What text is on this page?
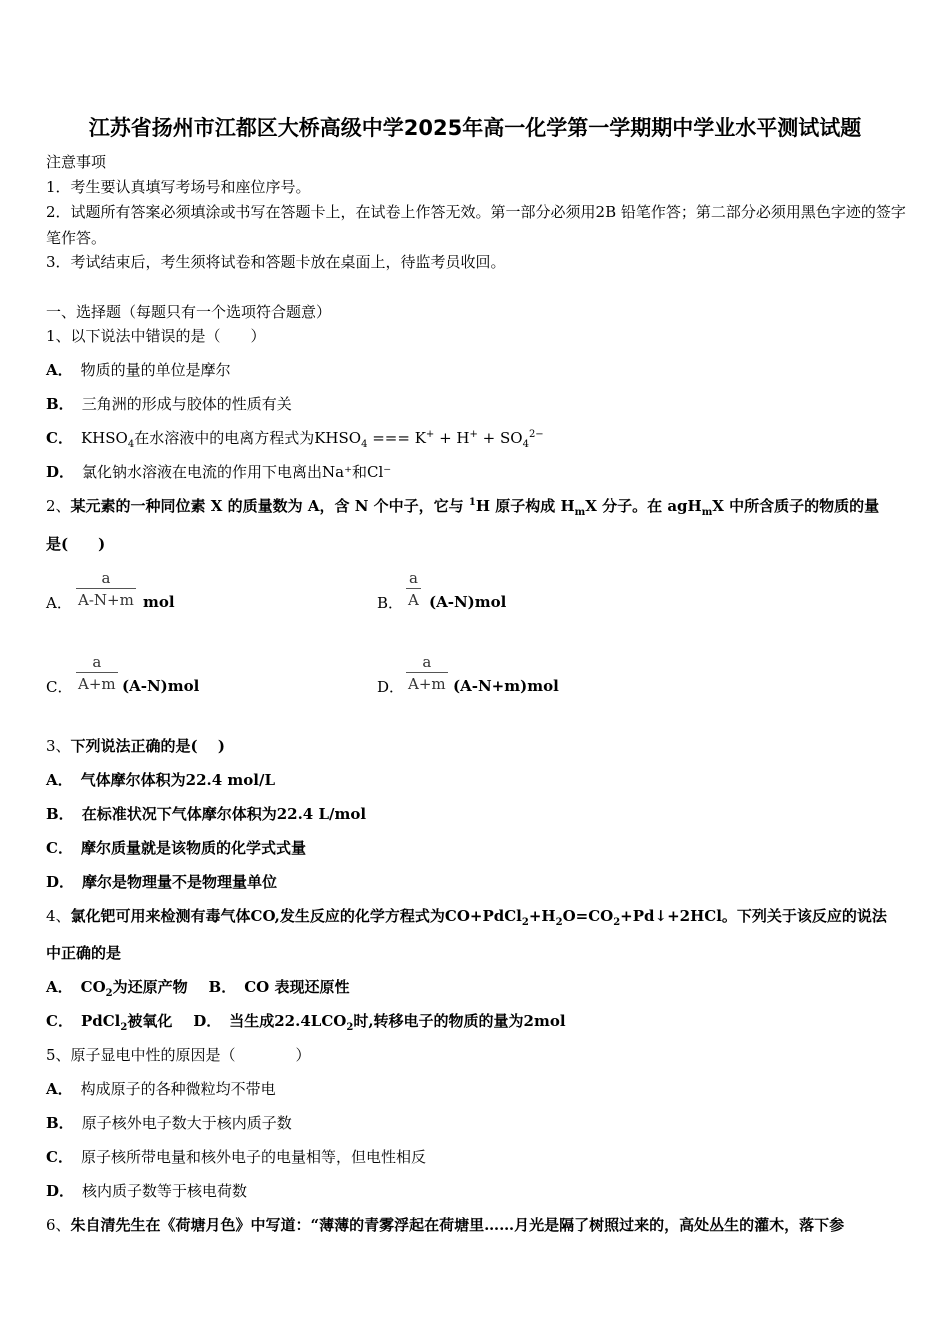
江苏省扬州市江都区大桥高级中学2025年高一化学第一学期期中学业水平测试试题
注意事项
1．考生要认真填写考场号和座位序号。
2．试题所有答案必须填涂或书写在答题卡上，在试卷上作答无效。第一部分必须用2B 铅笔作答；第二部分必须用黑色字迹的签字笔作答。
3．考试结束后，考生须将试卷和答题卡放在桌面上，待监考员收回。
一、选择题（每题只有一个选项符合题意）
1、以下说法中错误的是（　　）
A． 物质的量的单位是摩尔
B． 三角洲的形成与胶体的性质有关
C． $KHSO_4$在水溶液中的电离方程式为$KHSO_4$ === $K^+ + H^+ + SO_4^{2-}$
D． 氯化钠水溶液在电流的作用下电离出Na⁺和Cl⁻
2、某元素的一种同位素 X 的质量数为 A，含 N 个中子，它与 $^1$H 原子构成 $H_mX$ 分子。在 agH$_m$X 中所含质子的物质的量
是(　　)
A． $\frac{a}{A-N+m}$ mol	B． $\frac{a}{A} (A-N)mol$
C． $\frac{a}{A+m} (A-N)mol$	D． $\frac{a}{A+m} (A-N+m)mol$
3、下列说法正确的是(　 )
A． 气体摩尔体积为22.4 mol/L
B． 在标准状况下气体摩尔体积为22.4 L/mol
C． 摩尔质量就是该物质的化学式式量
D． 摩尔是物理量不是物理量单位
4、氯化钯可用来检测有毒气体CO,发生反应的化学方程式为$CO+PdCl_2+H_2O=CO_2+Pd↓+2HCl$。下列关于该反应的说法
中正确的是
A． $CO_2$为还原产物 B． CO 表现还原性
C． PdCl$_2$被氧化 D． 当生成$22.4LCO_2$时,转移电子的物质的量为2mol
5、原子显电中性的原因是（　　　　）
A． 构成原子的各种微粒均不带电
B． 原子核外电子数大于核内质子数
C． 原子核所带电量和核外电子的电量相等，但电性相反
D． 核内质子数等于核电荷数
6、朱自清先生在《荷塘月色》中写道：“薄薄的青雾浮起在荷塘里……月光是隔了树照过来的，高处丛生的灌木，落下参
